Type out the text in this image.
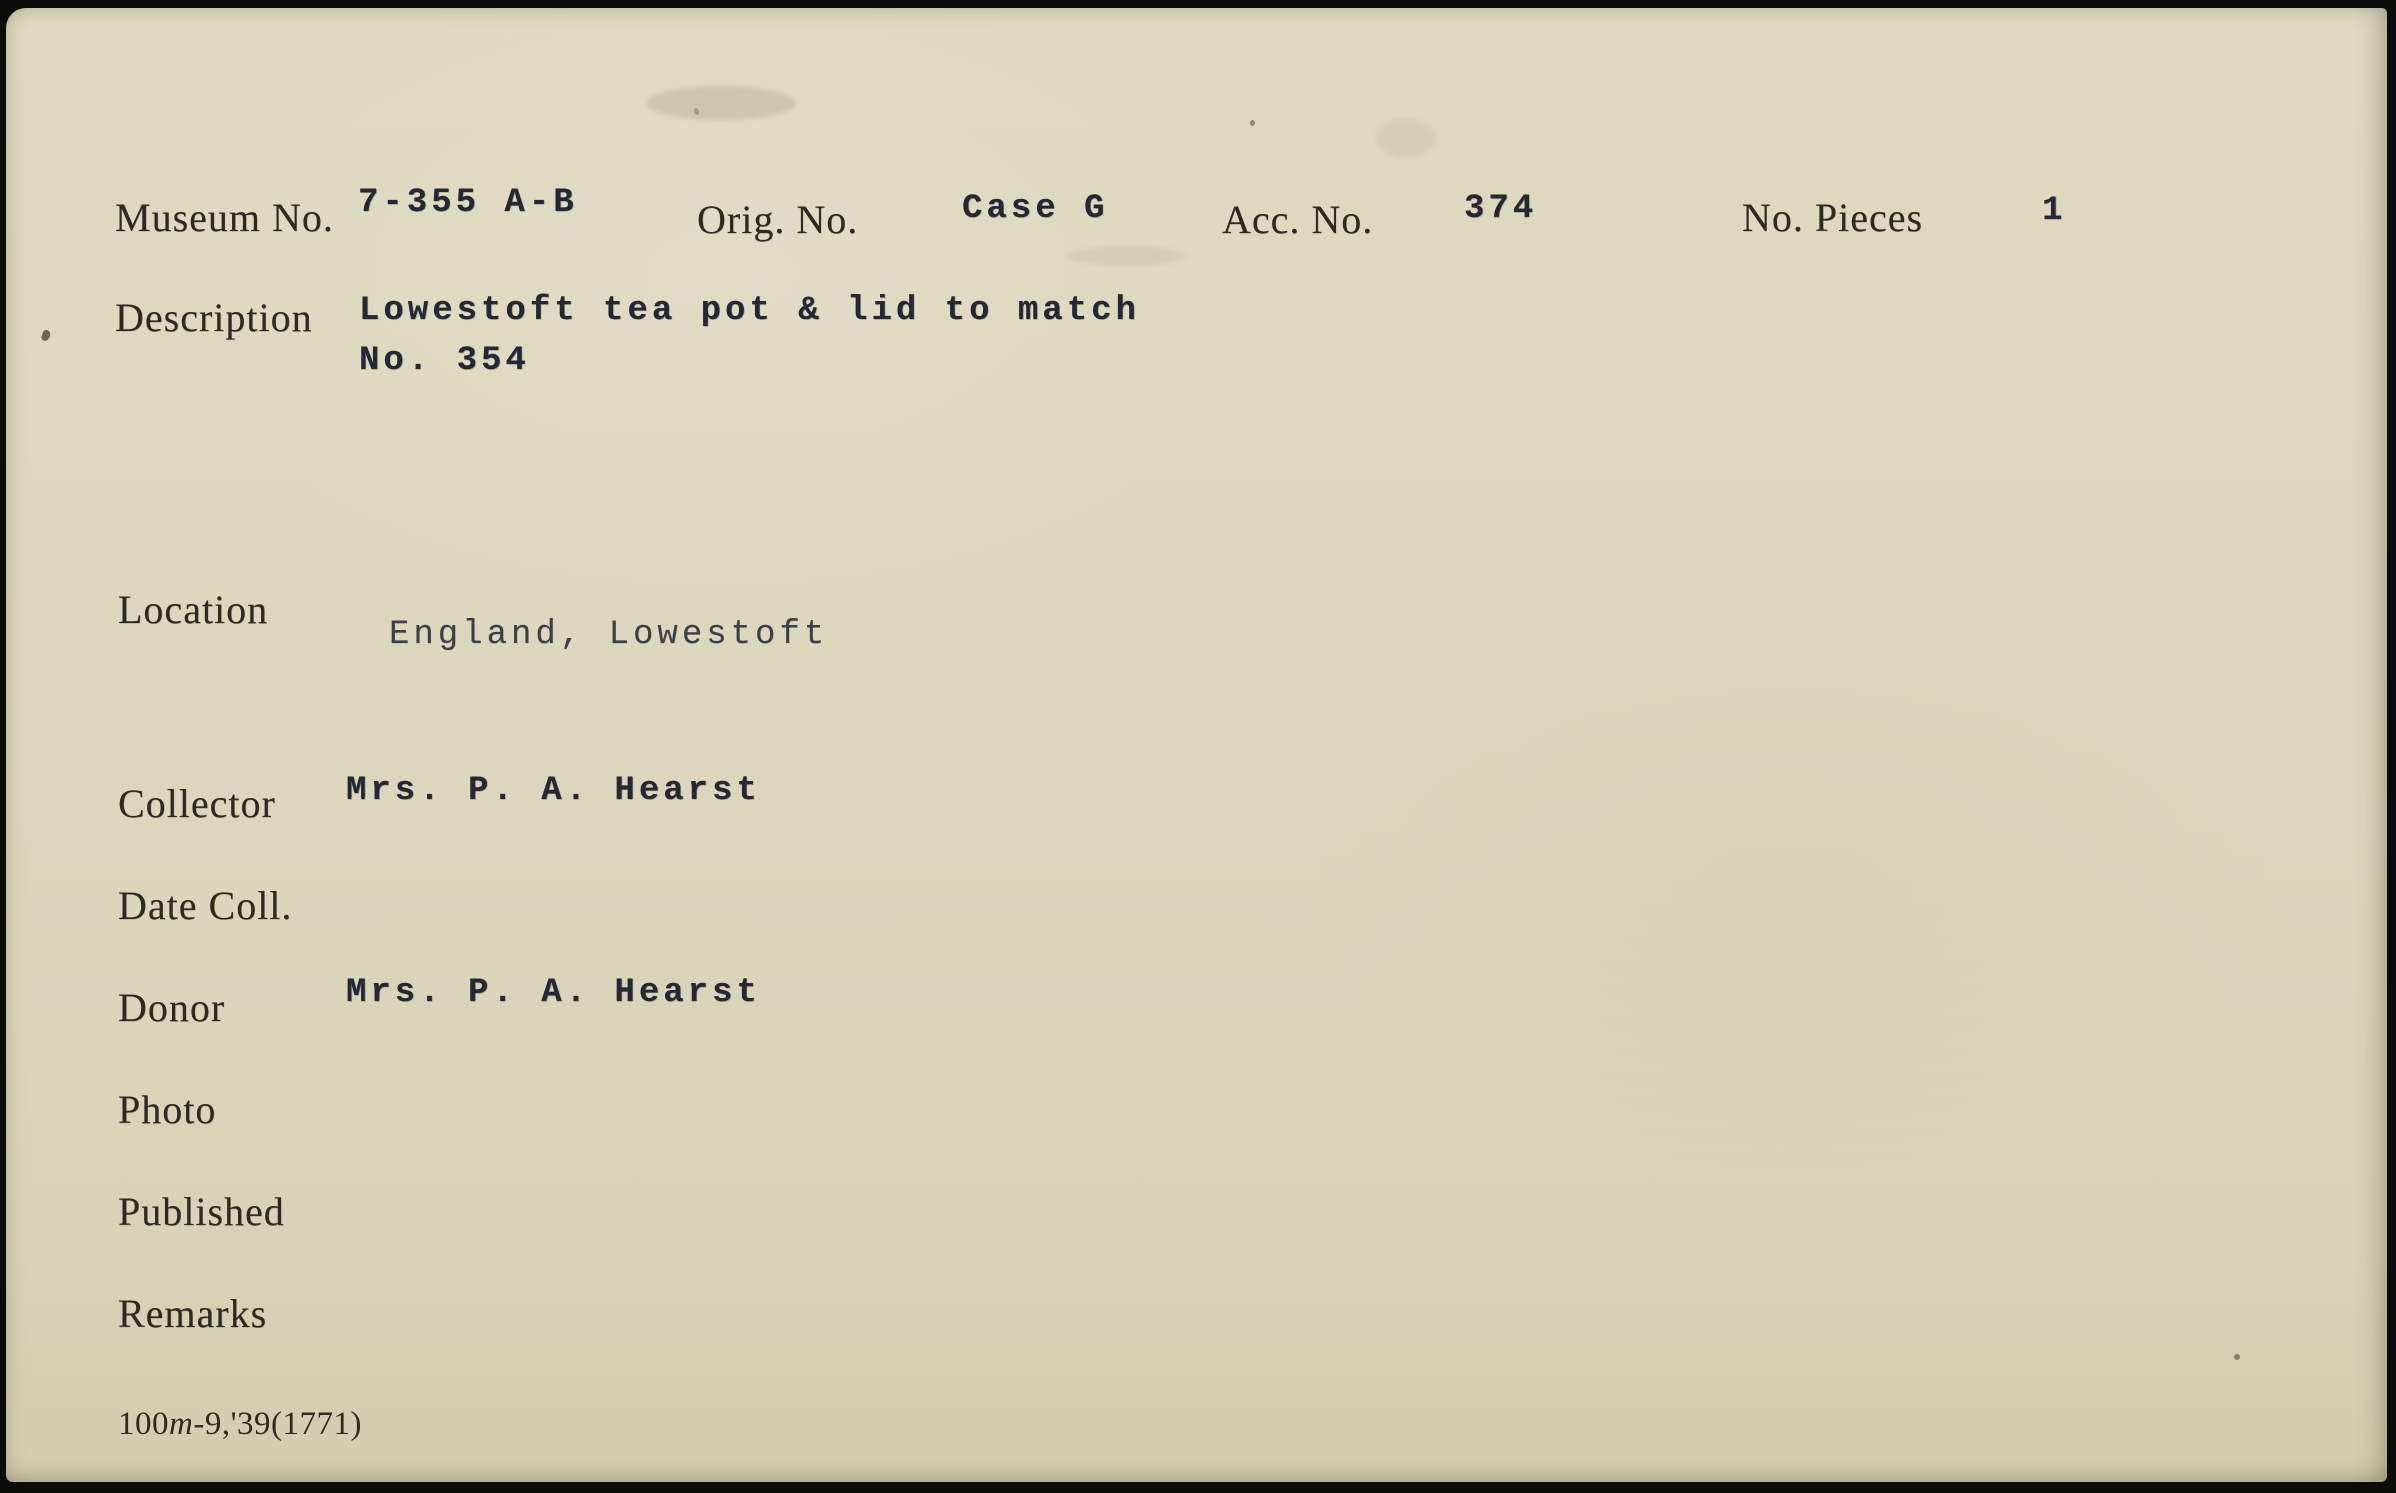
Museum No. 7-355 A-B	Orig. No.	Case G	Acc. No.	374	No. Pieces	1
Description Lowestoft tea pot & lid to match
No. 354
Location
England, Lowestoft
Collector Mrs. P. A. Hearst
Date Coll.
Donor	Mrs. P. A. Hearst
Photo
Published
Remarks
100m-9,'39(1771)
